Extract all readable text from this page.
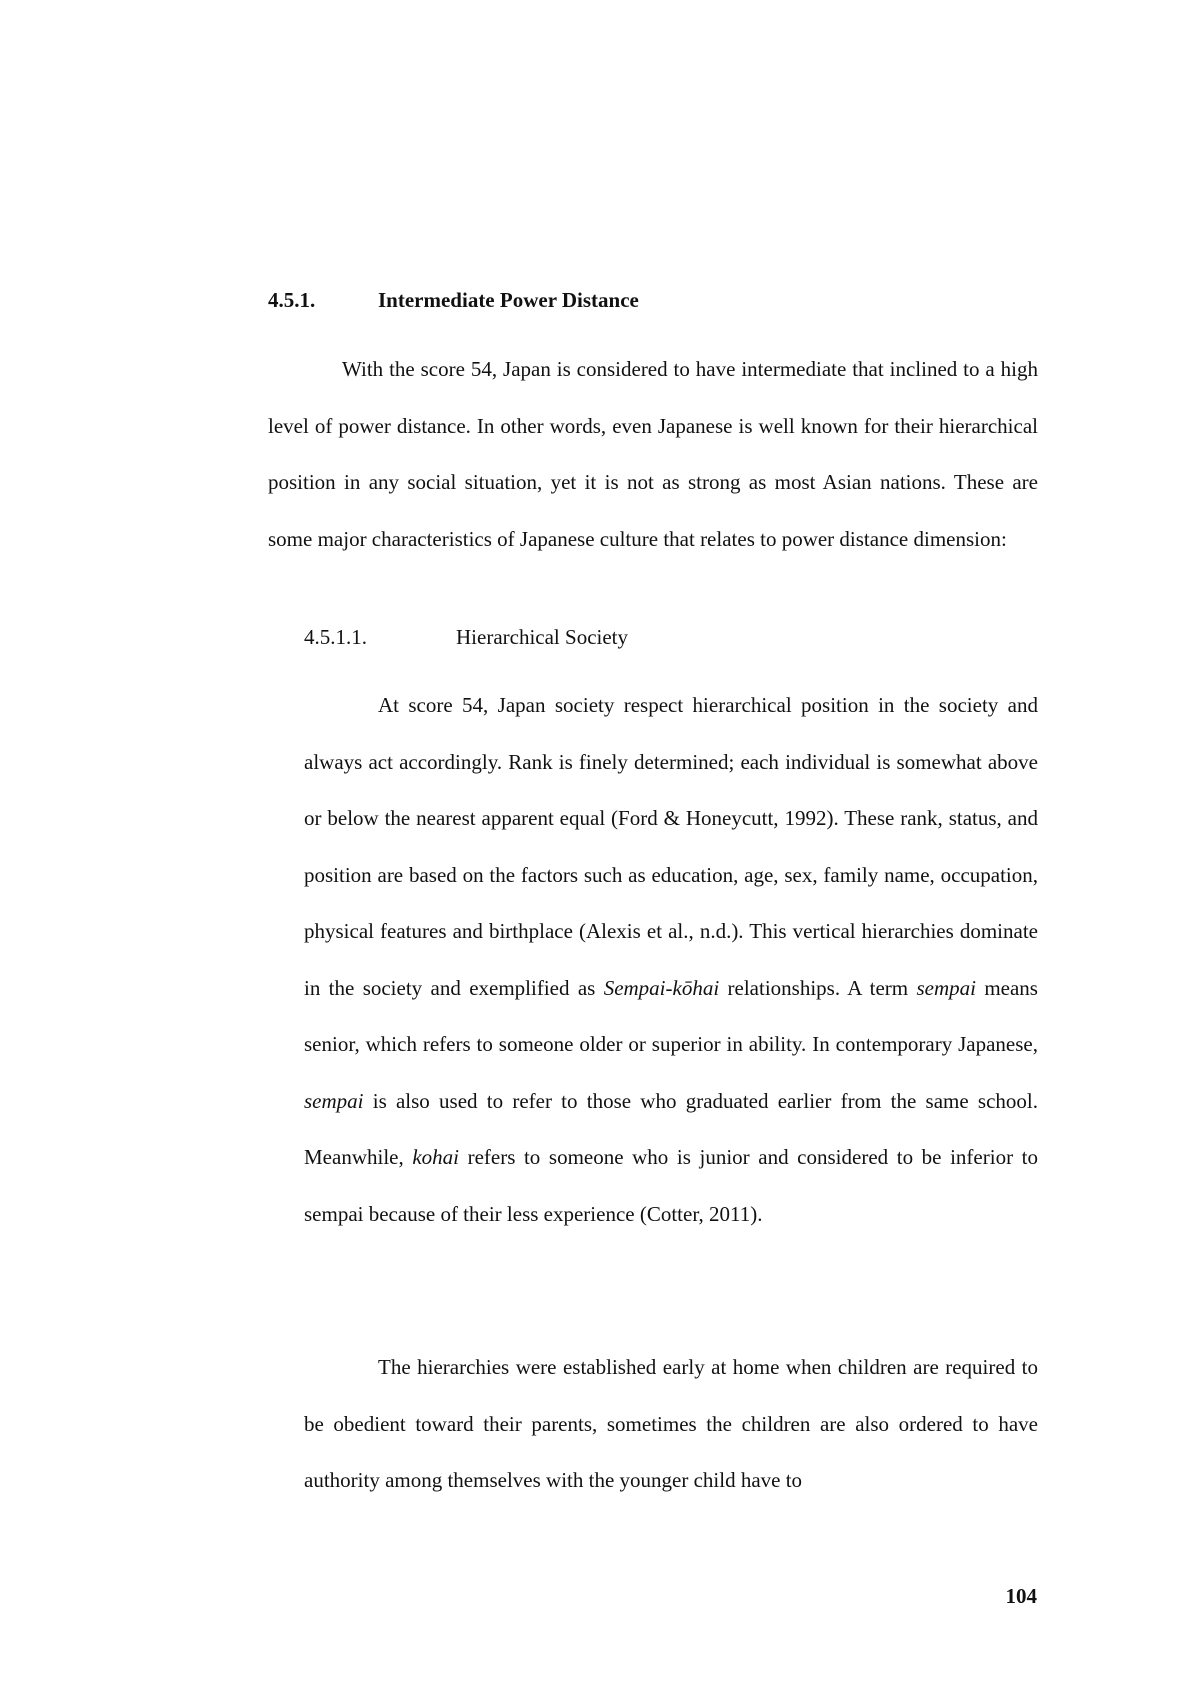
4.5.1.	Intermediate Power Distance
With the score 54, Japan is considered to have intermediate that inclined to a high level of power distance. In other words, even Japanese is well known for their hierarchical position in any social situation, yet it is not as strong as most Asian nations. These are some major characteristics of Japanese culture that relates to power distance dimension:
4.5.1.1.	Hierarchical Society
At score 54, Japan society respect hierarchical position in the society and always act accordingly. Rank is finely determined; each individual is somewhat above or below the nearest apparent equal (Ford & Honeycutt, 1992). These rank, status, and position are based on the factors such as education, age, sex, family name, occupation, physical features and birthplace (Alexis et al., n.d.). This vertical hierarchies dominate in the society and exemplified as Sempai-kōhai relationships. A term sempai means senior, which refers to someone older or superior in ability. In contemporary Japanese, sempai is also used to refer to those who graduated earlier from the same school. Meanwhile, kohai refers to someone who is junior and considered to be inferior to sempai because of their less experience (Cotter, 2011).
The hierarchies were established early at home when children are required to be obedient toward their parents, sometimes the children are also ordered to have authority among themselves with the younger child have to
104
